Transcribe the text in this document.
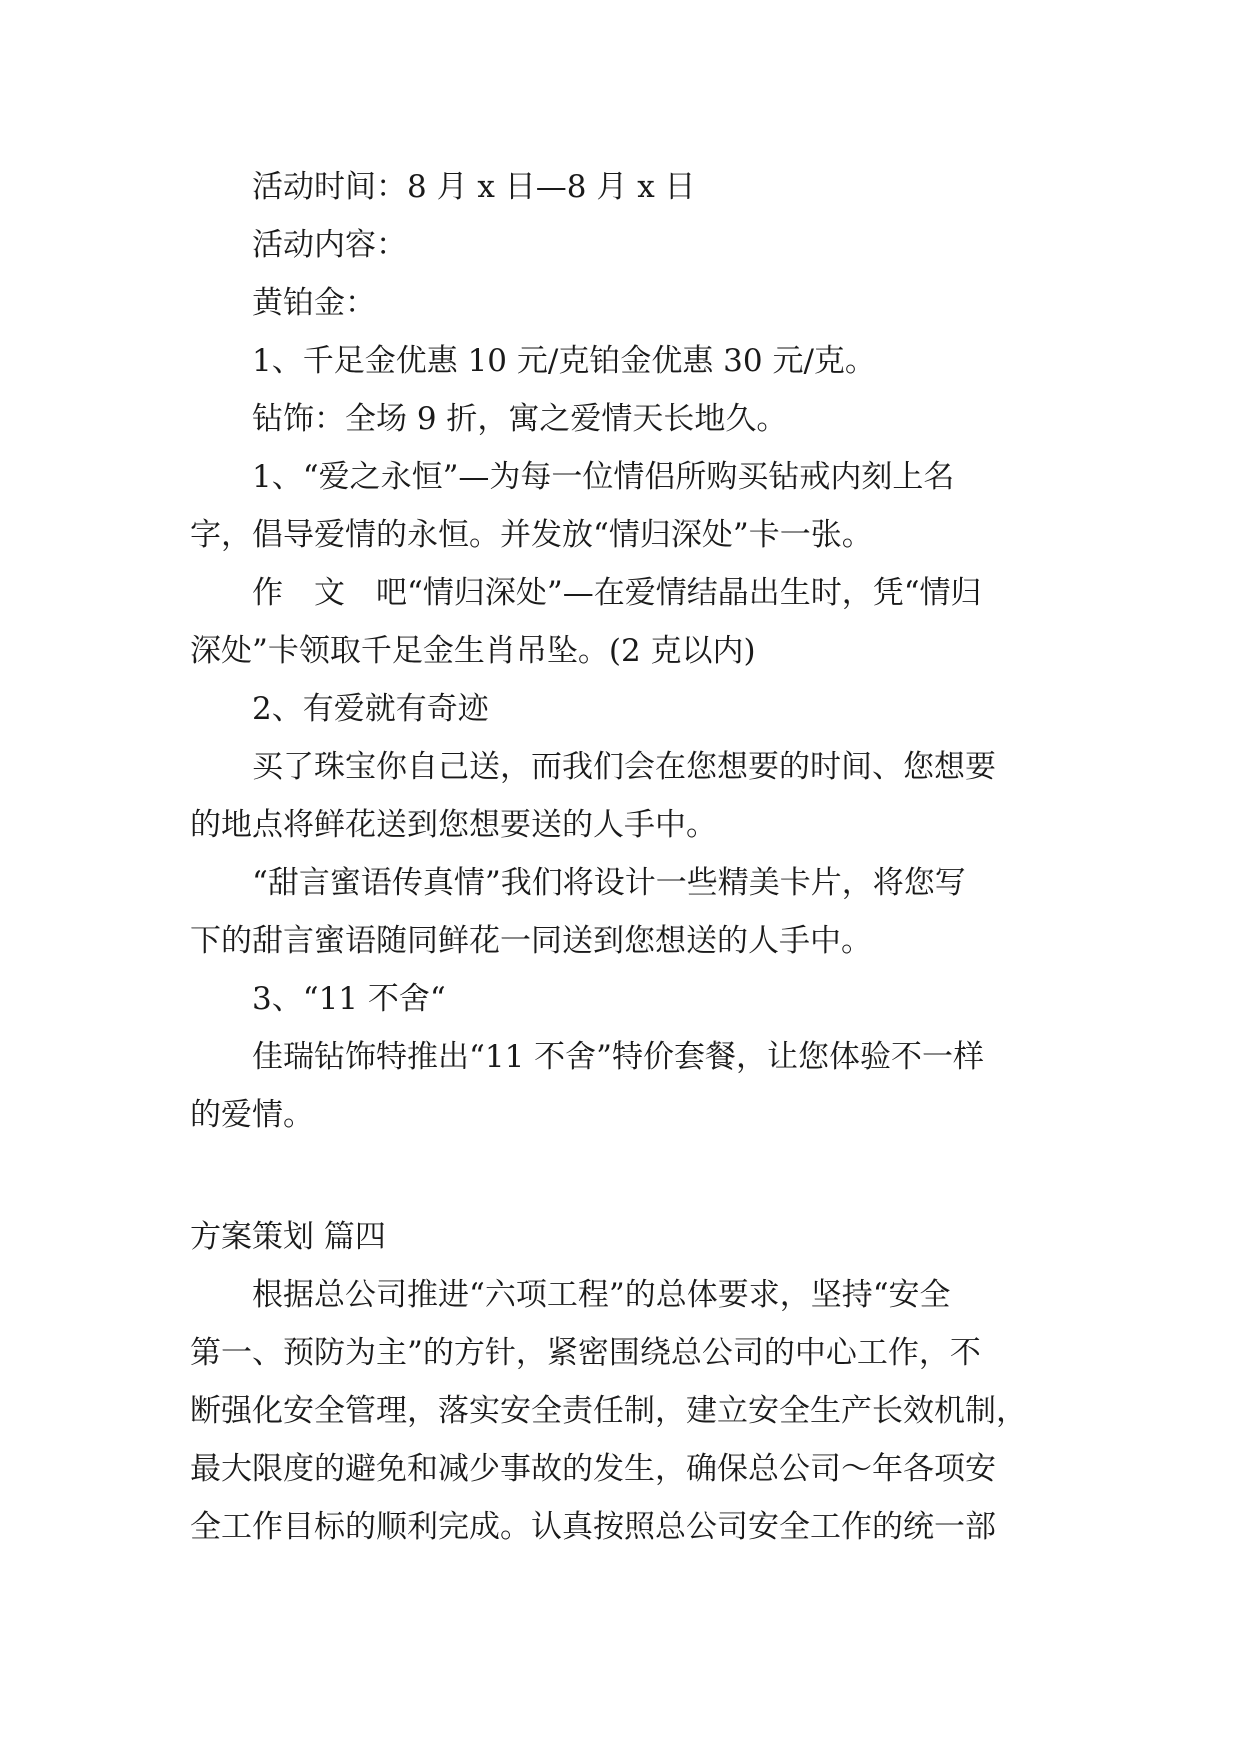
活动时间：8 月 x 日—8 月 x 日

活动内容：

黄铂金：

1、千足金优惠 10 元/克铂金优惠 30 元/克。

钻饰：全场 9 折，寓之爱情天长地久。

1、“爱之永恒”—为每一位情侣所购买钻戒内刻上名

字，倡导爱情的永恒。并发放“情归深处”卡一张。

作　文　吧“情归深处”—在爱情结晶出生时，凭“情归

深处”卡领取千足金生肖吊坠。(2 克以内)

2、有爱就有奇迹

买了珠宝你自己送，而我们会在您想要的时间、您想要

的地点将鲜花送到您想要送的人手中。

“甜言蜜语传真情”我们将设计一些精美卡片，将您写

下的甜言蜜语随同鲜花一同送到您想送的人手中。

3、“11 不舍“

佳瑞钻饰特推出“11 不舍”特价套餐，让您体验不一样

的爱情。

方案策划 篇四

根据总公司推进“六项工程”的总体要求，坚持“安全

第一、预防为主”的方针，紧密围绕总公司的中心工作，不

断强化安全管理，落实安全责任制，建立安全生产长效机制，

最大限度的避免和减少事故的发生，确保总公司～年各项安

全工作目标的顺利完成。认真按照总公司安全工作的统一部
